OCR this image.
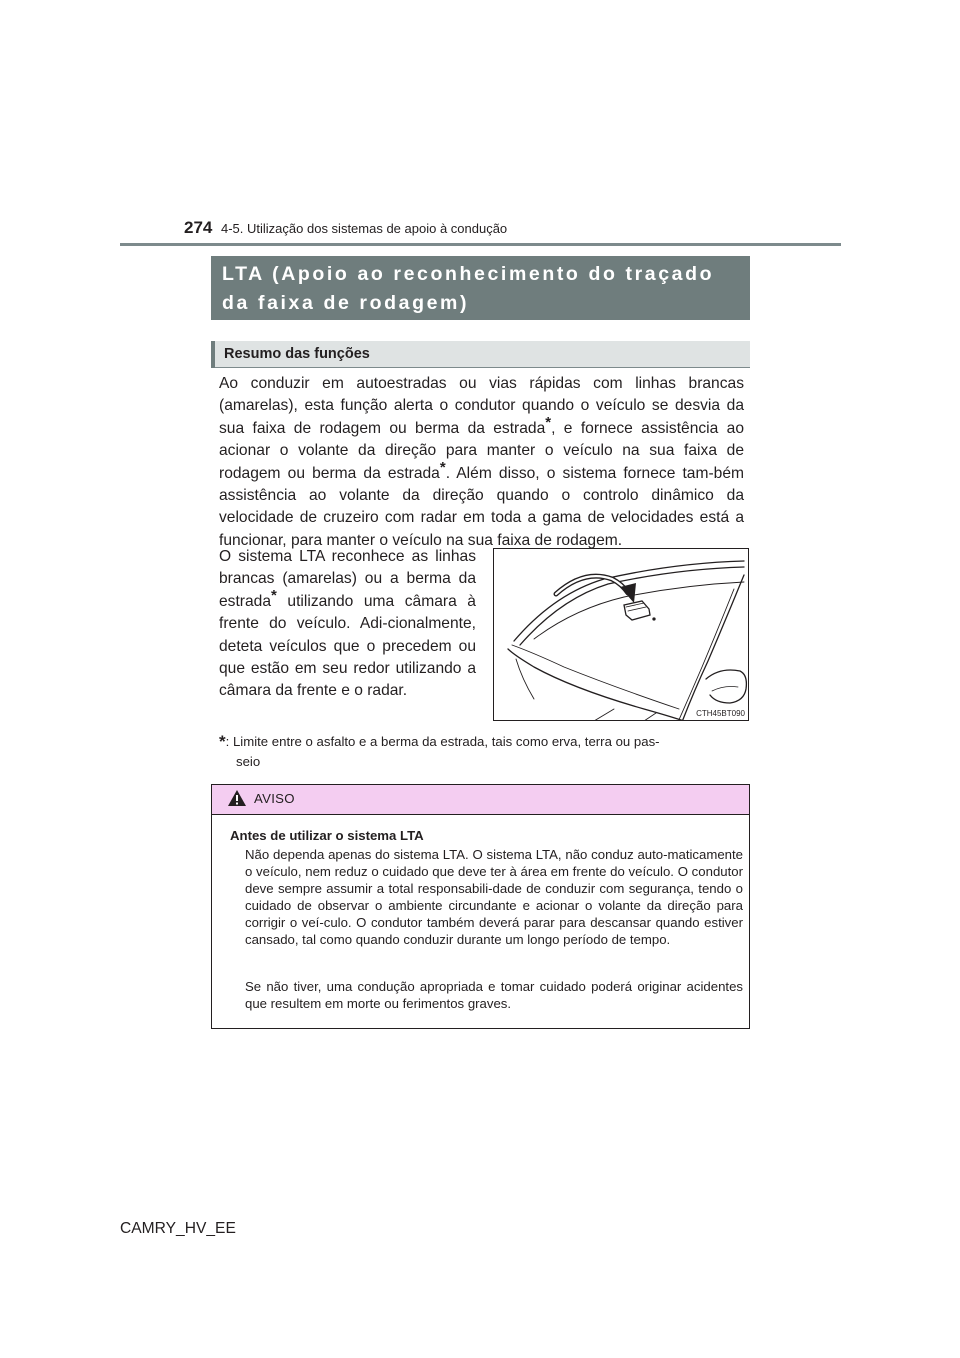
274 4-5. Utilização dos sistemas de apoio à condução
LTA (Apoio ao reconhecimento do traçado
da faixa de rodagem)
Resumo das funções
Ao conduzir em autoestradas ou vias rápidas com linhas brancas (amarelas), esta função alerta o condutor quando o veículo se desvia da sua faixa de rodagem ou berma da estrada*, e fornece assistência ao acionar o volante da direção para manter o veículo na sua faixa de rodagem ou berma da estrada*. Além disso, o sistema fornece tam-bém assistência ao volante da direção quando o controlo dinâmico da velocidade de cruzeiro com radar em toda a gama de velocidades está a funcionar, para manter o veículo na sua faixa de rodagem.
O sistema LTA reconhece as linhas brancas (amarelas) ou a berma da estrada* utilizando uma câmara à frente do veículo. Adi-cionalmente, deteta veículos que o precedem ou que estão em seu redor utilizando a câmara da frente e o radar.
CTH45BT090
*: Limite entre o asfalto e a berma da estrada, tais como erva, terra ou pas-
seio
AVISO
Antes de utilizar o sistema LTA
Não dependa apenas do sistema LTA. O sistema LTA, não conduz auto-maticamente o veículo, nem reduz o cuidado que deve ter à área em frente do veículo. O condutor deve sempre assumir a total responsabili-dade de conduzir com segurança, tendo o cuidado de observar o ambiente circundante e acionar o volante da direção para corrigir o veí-culo. O condutor também deverá parar para descansar quando estiver cansado, tal como quando conduzir durante um longo período de tempo.
Se não tiver, uma condução apropriada e tomar cuidado poderá originar acidentes que resultem em morte ou ferimentos graves.
CAMRY_HV_EE
